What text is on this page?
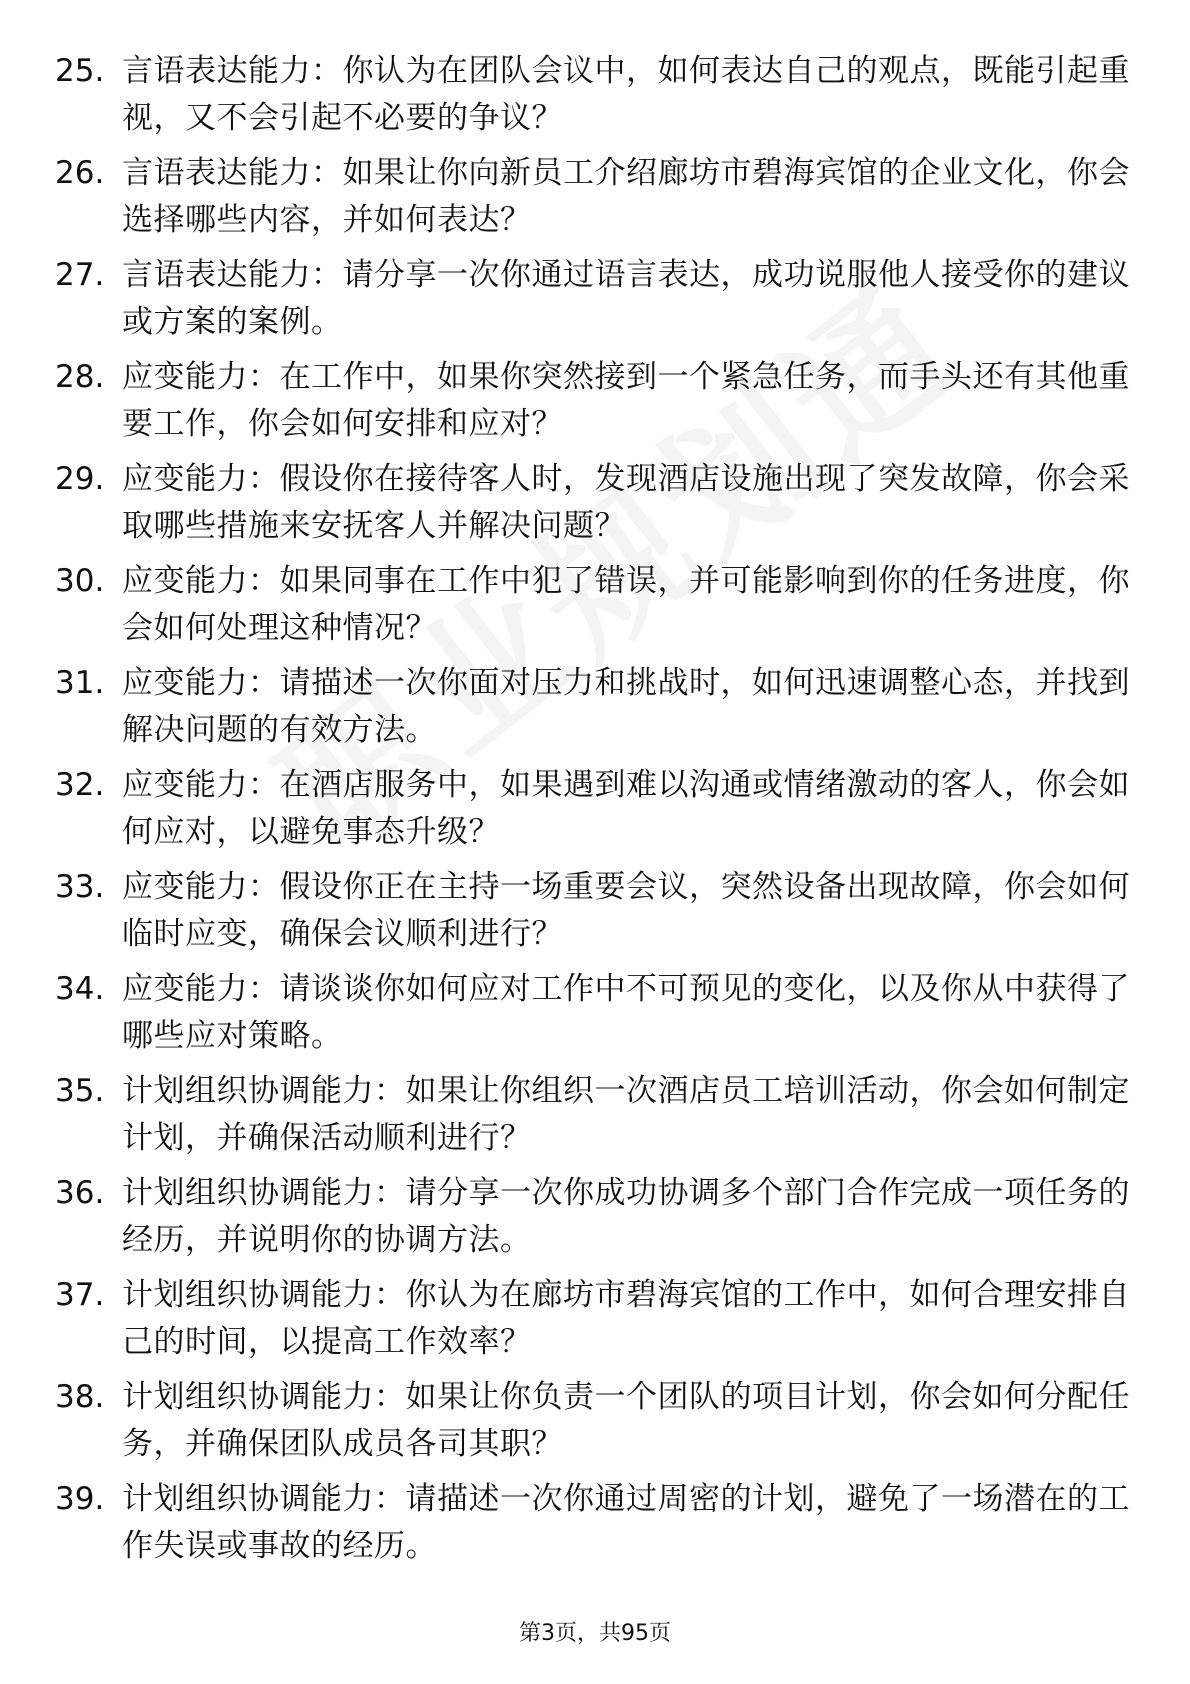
25. 言语表达能力：你认为在团队会议中，如何表达自己的观点，既能引起重视，又不会引起不必要的争议？
26. 言语表达能力：如果让你向新员工介绍廊坊市碧海宾馆的企业文化，你会选择哪些内容，并如何表达？
27. 言语表达能力：请分享一次你通过语言表达，成功说服他人接受你的建议或方案的案例。
28. 应变能力：在工作中，如果你突然接到一个紧急任务，而手头还有其他重要工作，你会如何安排和应对？
29. 应变能力：假设你在接待客人时，发现酒店设施出现了突发故障，你会采取哪些措施来安抚客人并解决问题？
30. 应变能力：如果同事在工作中犯了错误，并可能影响到你的任务进度，你会如何处理这种情况？
31. 应变能力：请描述一次你面对压力和挑战时，如何迅速调整心态，并找到解决问题的有效方法。
32. 应变能力：在酒店服务中，如果遇到难以沟通或情绪激动的客人，你会如何应对，以避免事态升级？
33. 应变能力：假设你正在主持一场重要会议，突然设备出现故障，你会如何临时应变，确保会议顺利进行？
34. 应变能力：请谈谈你如何应对工作中不可预见的变化，以及你从中获得了哪些应对策略。
35. 计划组织协调能力：如果让你组织一次酒店员工培训活动，你会如何制定计划，并确保活动顺利进行？
36. 计划组织协调能力：请分享一次你成功协调多个部门合作完成一项任务的经历，并说明你的协调方法。
37. 计划组织协调能力：你认为在廊坊市碧海宾馆的工作中，如何合理安排自己的时间，以提高工作效率？
38. 计划组织协调能力：如果让你负责一个团队的项目计划，你会如何分配任务，并确保团队成员各司其职？
39. 计划组织协调能力：请描述一次你通过周密的计划，避免了一场潜在的工作失误或事故的经历。
第3页，共95页
